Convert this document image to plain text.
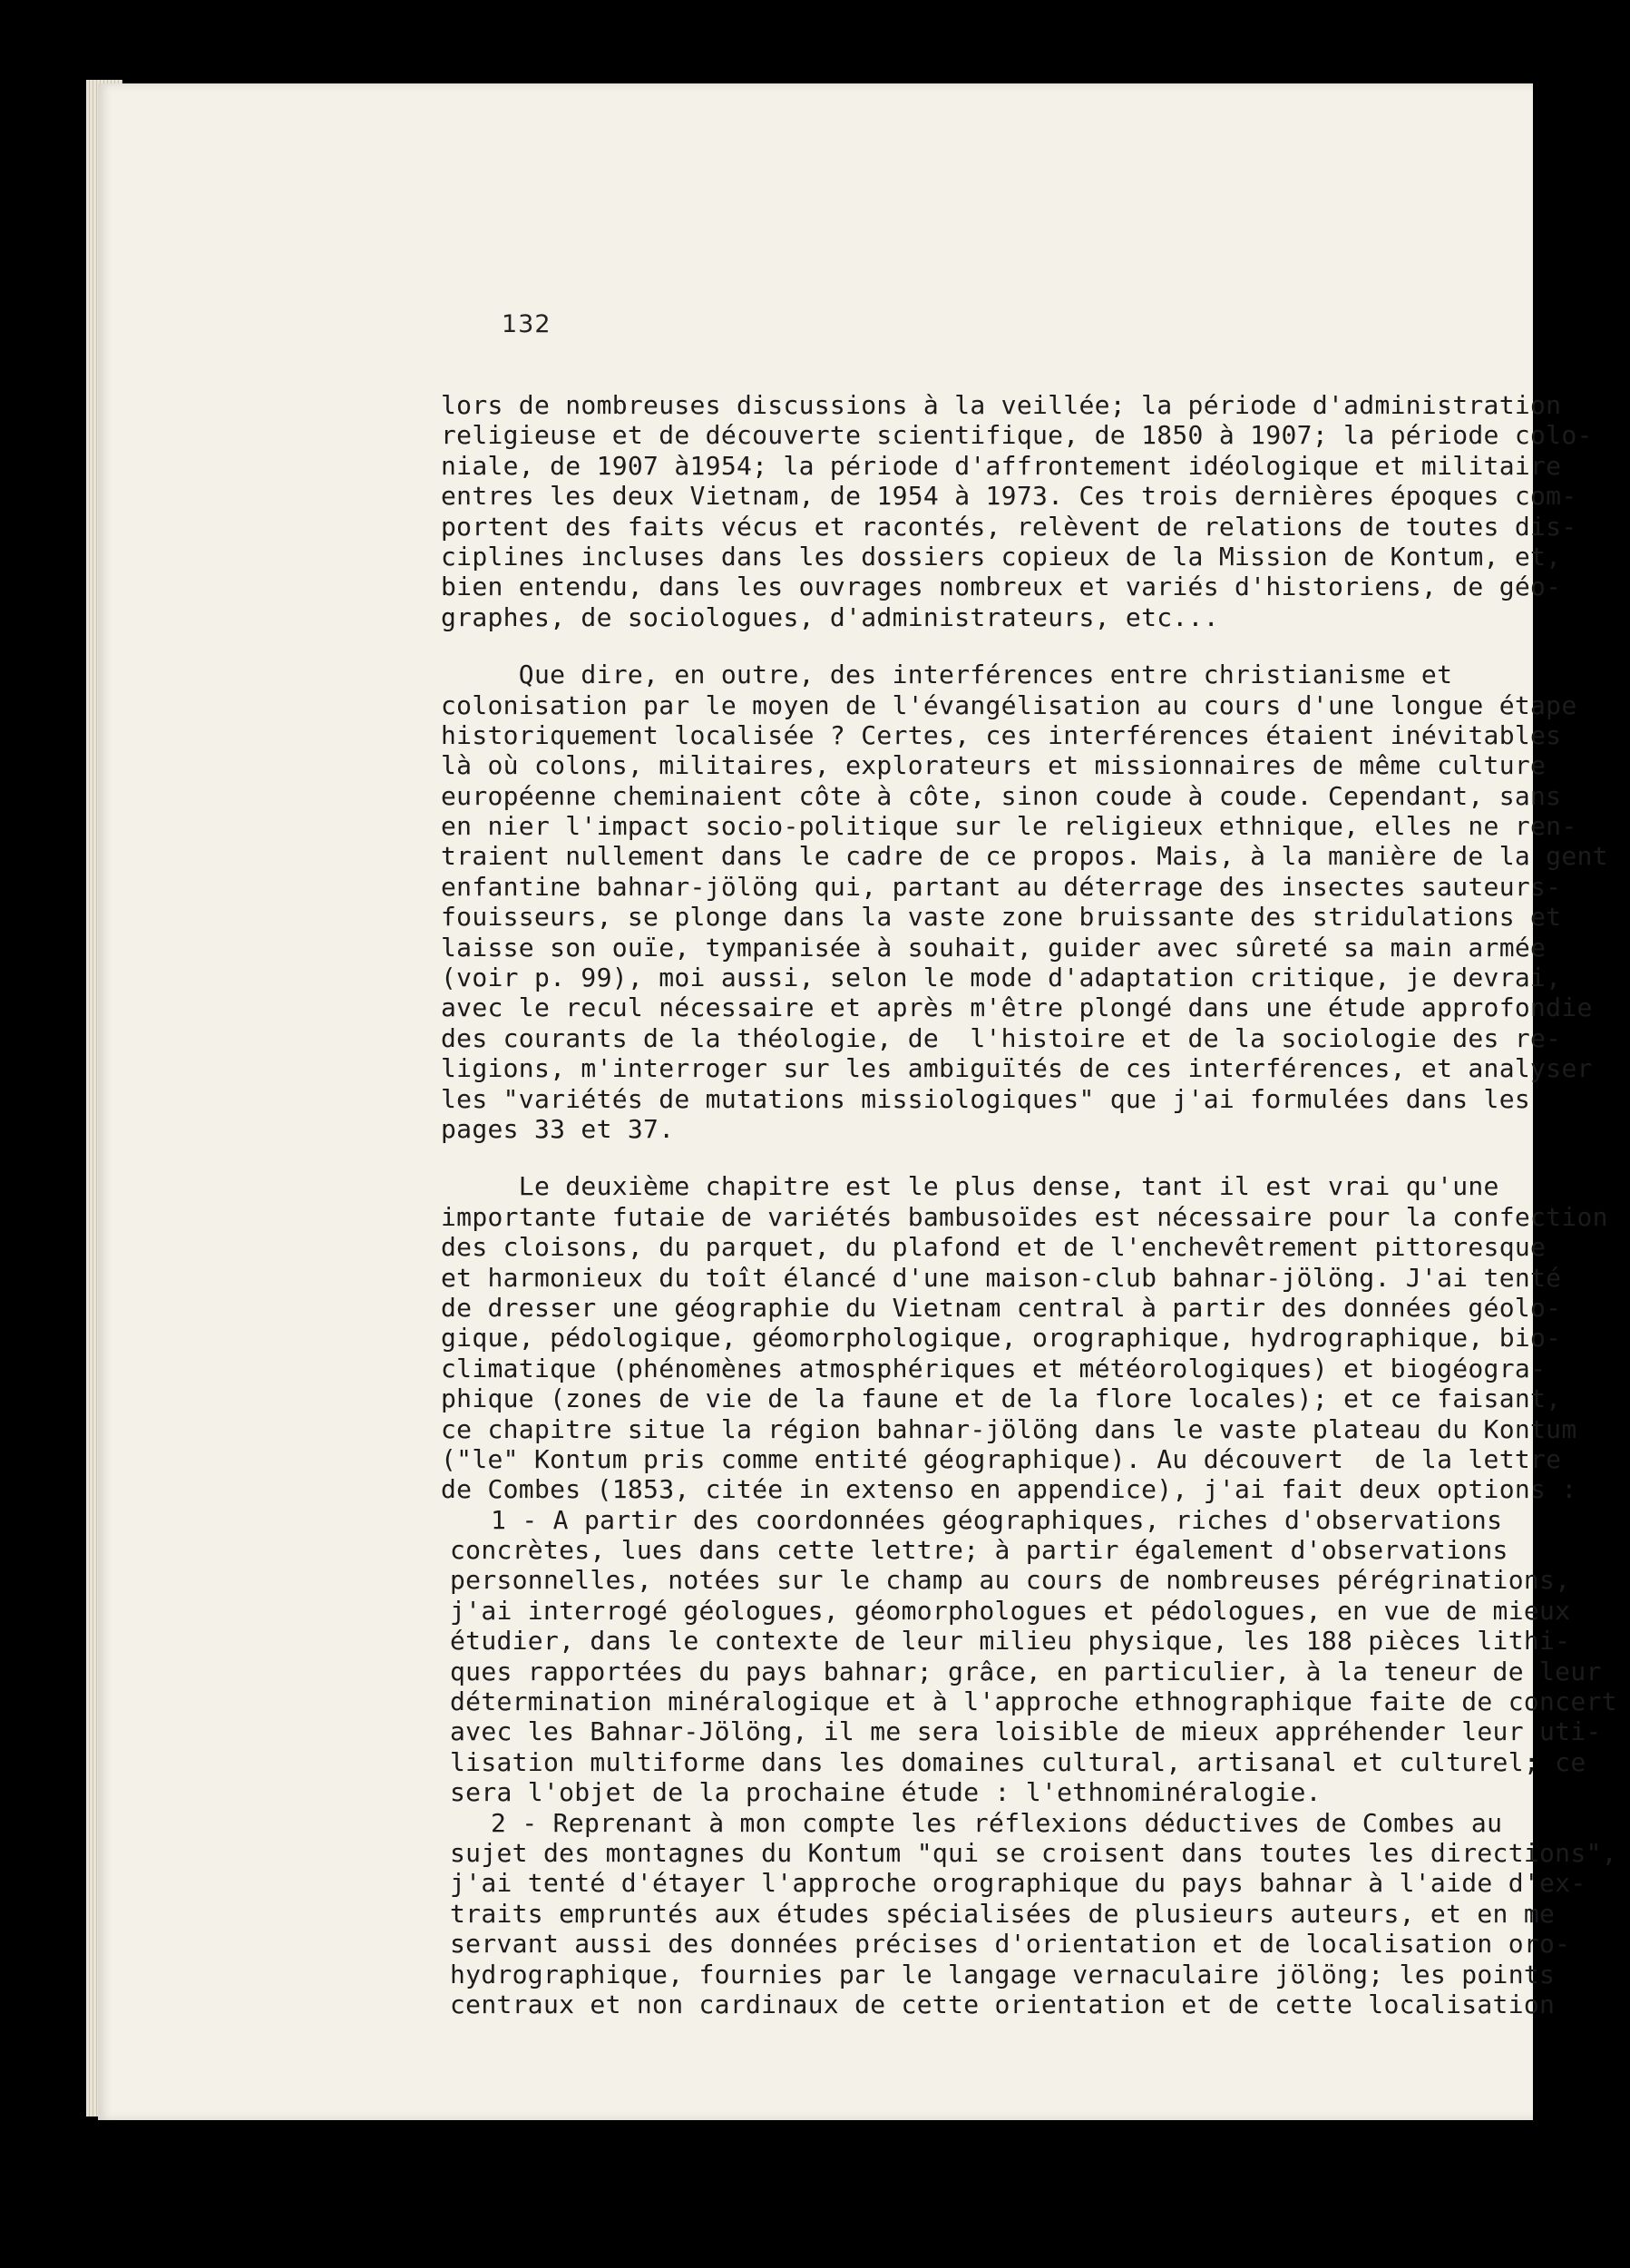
132
lors de nombreuses discussions à la veillée; la période d'administration
religieuse et de découverte scientifique, de 1850 à 1907; la période colo-
niale, de 1907 à1954; la période d'affrontement idéologique et militaire
entres les deux Vietnam, de 1954 à 1973. Ces trois dernières époques com-
portent des faits vécus et racontés, relèvent de relations de toutes dis-
ciplines incluses dans les dossiers copieux de la Mission de Kontum, et,
bien entendu, dans les ouvrages nombreux et variés d'historiens, de géo-
graphes, de sociologues, d'administrateurs, etc...
Que dire, en outre, des interférences entre christianisme et
colonisation par le moyen de l'évangélisation au cours d'une longue étape
historiquement localisée ? Certes, ces interférences étaient inévitables
là où colons, militaires, explorateurs et missionnaires de même culture
européenne cheminaient côte à côte, sinon coude à coude. Cependant, sans
en nier l'impact socio-politique sur le religieux ethnique, elles ne ren-
traient nullement dans le cadre de ce propos. Mais, à la manière de la gent
enfantine bahnar-jölöng qui, partant au déterrage des insectes sauteurs-
fouisseurs, se plonge dans la vaste zone bruissante des stridulations et
laisse son ouïe, tympanisée à souhait, guider avec sûreté sa main armée
(voir p. 99), moi aussi, selon le mode d'adaptation critique, je devrai,
avec le recul nécessaire et après m'être plongé dans une étude approfondie
des courants de la théologie, de  l'histoire et de la sociologie des re-
ligions, m'interroger sur les ambiguïtés de ces interférences, et analyser
les "variétés de mutations missiologiques" que j'ai formulées dans les
pages 33 et 37.
Le deuxième chapitre est le plus dense, tant il est vrai qu'une
importante futaie de variétés bambusoïdes est nécessaire pour la confection
des cloisons, du parquet, du plafond et de l'enchevêtrement pittoresque
et harmonieux du toît élancé d'une maison-club bahnar-jölöng. J'ai tenté
de dresser une géographie du Vietnam central à partir des données géolo-
gique, pédologique, géomorphologique, orographique, hydrographique, bio-
climatique (phénomènes atmosphériques et météorologiques) et biogéogra-
phique (zones de vie de la faune et de la flore locales); et ce faisant,
ce chapitre situe la région bahnar-jölöng dans le vaste plateau du Kontum
("le" Kontum pris comme entité géographique). Au découvert  de la lettre
de Combes (1853, citée in extenso en appendice), j'ai fait deux options :
1 - A partir des coordonnées géographiques, riches d'observations
concrètes, lues dans cette lettre; à partir également d'observations
personnelles, notées sur le champ au cours de nombreuses pérégrinations,
j'ai interrogé géologues, géomorphologues et pédologues, en vue de mieux
étudier, dans le contexte de leur milieu physique, les 188 pièces lithi-
ques rapportées du pays bahnar; grâce, en particulier, à la teneur de leur
détermination minéralogique et à l'approche ethnographique faite de concert
avec les Bahnar-Jölöng, il me sera loisible de mieux appréhender leur uti-
lisation multiforme dans les domaines cultural, artisanal et culturel; ce
sera l'objet de la prochaine étude : l'ethnominéralogie.
2 - Reprenant à mon compte les réflexions déductives de Combes au
sujet des montagnes du Kontum "qui se croisent dans toutes les directions",
j'ai tenté d'étayer l'approche orographique du pays bahnar à l'aide d'ex-
traits empruntés aux études spécialisées de plusieurs auteurs, et en me
servant aussi des données précises d'orientation et de localisation oro-
hydrographique, fournies par le langage vernaculaire jölöng; les points
centraux et non cardinaux de cette orientation et de cette localisation
